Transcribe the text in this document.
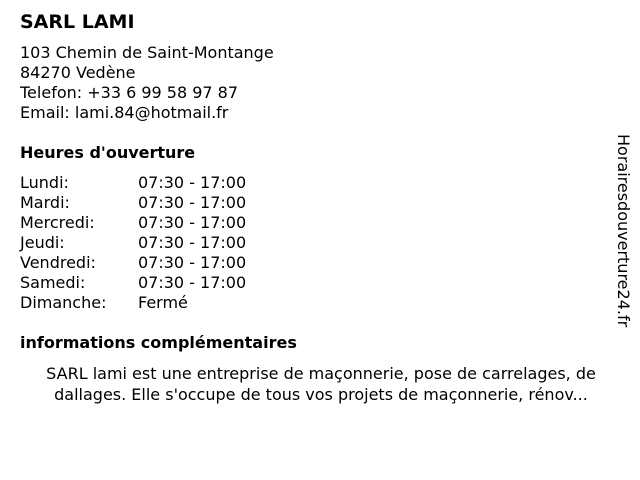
SARL LAMI
103 Chemin de Saint-Montange
84270 Vedène
Telefon: +33 6 99 58 97 87
Email: lami.84@hotmail.fr
Heures d'ouverture
Lundi:	07:30 - 17:00
Mardi:	07:30 - 17:00
Mercredi:	07:30 - 17:00
Jeudi:	07:30 - 17:00
Vendredi:	07:30 - 17:00
Samedi:	07:30 - 17:00
Dimanche:	Fermé
informations complémentaires
SARL lami est une entreprise de maçonnerie, pose de carrelages, de dallages. Elle s'occupe de tous vos projets de maçonnerie, rénov...
Horairesdouverture24.fr
